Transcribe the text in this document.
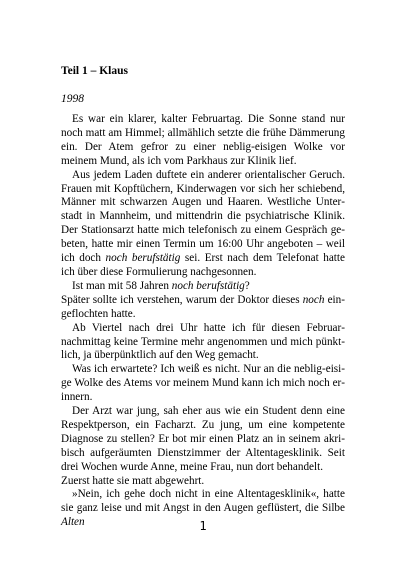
Teil 1 – Klaus
1998

Es war ein klarer, kalter Februartag. Die Sonne stand nur noch matt am Himmel; allmählich setzte die frühe Dämmerung ein. Der Atem gefror zu einer neblig-eisigen Wolke vor meinem Mund, als ich vom Parkhaus zur Klinik lief.

Aus jedem Laden duftete ein anderer orientalischer Geruch. Frauen mit Kopftüchern, Kinderwagen vor sich her schiebend, Männer mit schwarzen Augen und Haaren. Westliche Unterstadt in Mannheim, und mittendrin die psychiatrische Klinik. Der Stationsarzt hatte mich telefonisch zu einem Gespräch gebeten, hatte mir einen Termin um 16:00 Uhr angeboten – weil ich doch noch berufstätig sei. Erst nach dem Telefonat hatte ich über diese Formulierung nachgesonnen.

Ist man mit 58 Jahren noch berufstätig?

Später sollte ich verstehen, warum der Doktor dieses noch eingeflochten hatte.

Ab Viertel nach drei Uhr hatte ich für diesen Februarnachmittag keine Termine mehr angenommen und mich pünktlich, ja überpünktlich auf den Weg gemacht.

Was ich erwartete? Ich weiß es nicht. Nur an die neblig-eisige Wolke des Atems vor meinem Mund kann ich mich noch erinnern.

Der Arzt war jung, sah eher aus wie ein Student denn eine Respektperson, ein Facharzt. Zu jung, um eine kompetente Diagnose zu stellen? Er bot mir einen Platz an in seinem akribisch aufgeräumten Dienstzimmer der Altentagesklinik. Seit drei Wochen wurde Anne, meine Frau, nun dort behandelt.

Zuerst hatte sie matt abgewehrt.

»Nein, ich gehe doch nicht in eine Altentagesklinik«, hatte sie ganz leise und mit Angst in den Augen geflüstert, die Silbe Alten	1
